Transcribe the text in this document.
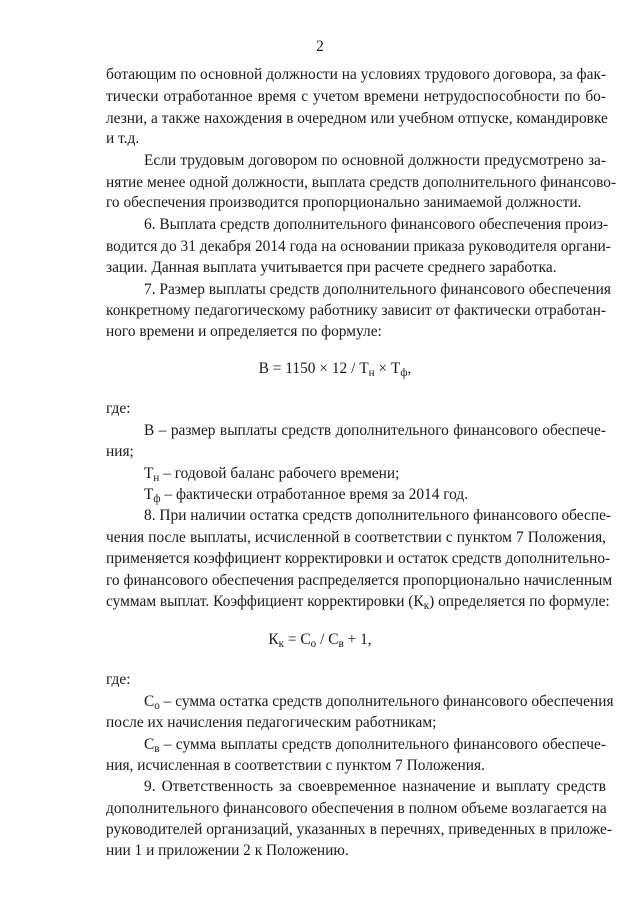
2
ботающим по основной должности на условиях трудового договора, за фак-
тически отработанное время с учетом времени нетрудоспособности по бо-
лезни, а также нахождения в очередном или учебном отпуске, командировке
и т.д.
Если трудовым договором по основной должности предусмотрено за-
нятие менее одной должности, выплата средств дополнительного финансово-
го обеспечения производится пропорционально занимаемой должности.
6. Выплата средств дополнительного финансового обеспечения произ-
водится до 31 декабря 2014 года на основании приказа руководителя органи-
зации. Данная выплата учитывается при расчете среднего заработка.
7. Размер выплаты средств дополнительного финансового обеспечения
конкретному педагогическому работнику зависит от фактически отработан-
ного времени и определяется по формуле:
$В = 1150 \times 12 / Т_н \times Т_ф$,
где:
В – размер выплаты средств дополнительного финансового обеспече-
ния;
$Т_н$ – годовой баланс рабочего времени;
$Т_ф$ – фактически отработанное время за 2014 год.
8. При наличии остатка средств дополнительного финансового обеспе-
чения после выплаты, исчисленной в соответствии с пунктом 7 Положения,
применяется коэффициент корректировки и остаток средств дополнительно-
го финансового обеспечения распределяется пропорционально начисленным
суммам выплат. Коэффициент корректировки $(К_к)$ определяется по формуле:
$К_к = С_о / С_в + 1$,
где:
$С_о$ – сумма остатка средств дополнительного финансового обеспечения
после их начисления педагогическим работникам;
$С_в$ – сумма выплаты средств дополнительного финансового обеспече-
ния, исчисленная в соответствии с пунктом 7 Положения.
9. Ответственность за своевременное назначение и выплату средств
дополнительного финансового обеспечения в полном объеме возлагается на
руководителей организаций, указанных в перечнях, приведенных в приложе-
нии 1 и приложении 2 к Положению.
